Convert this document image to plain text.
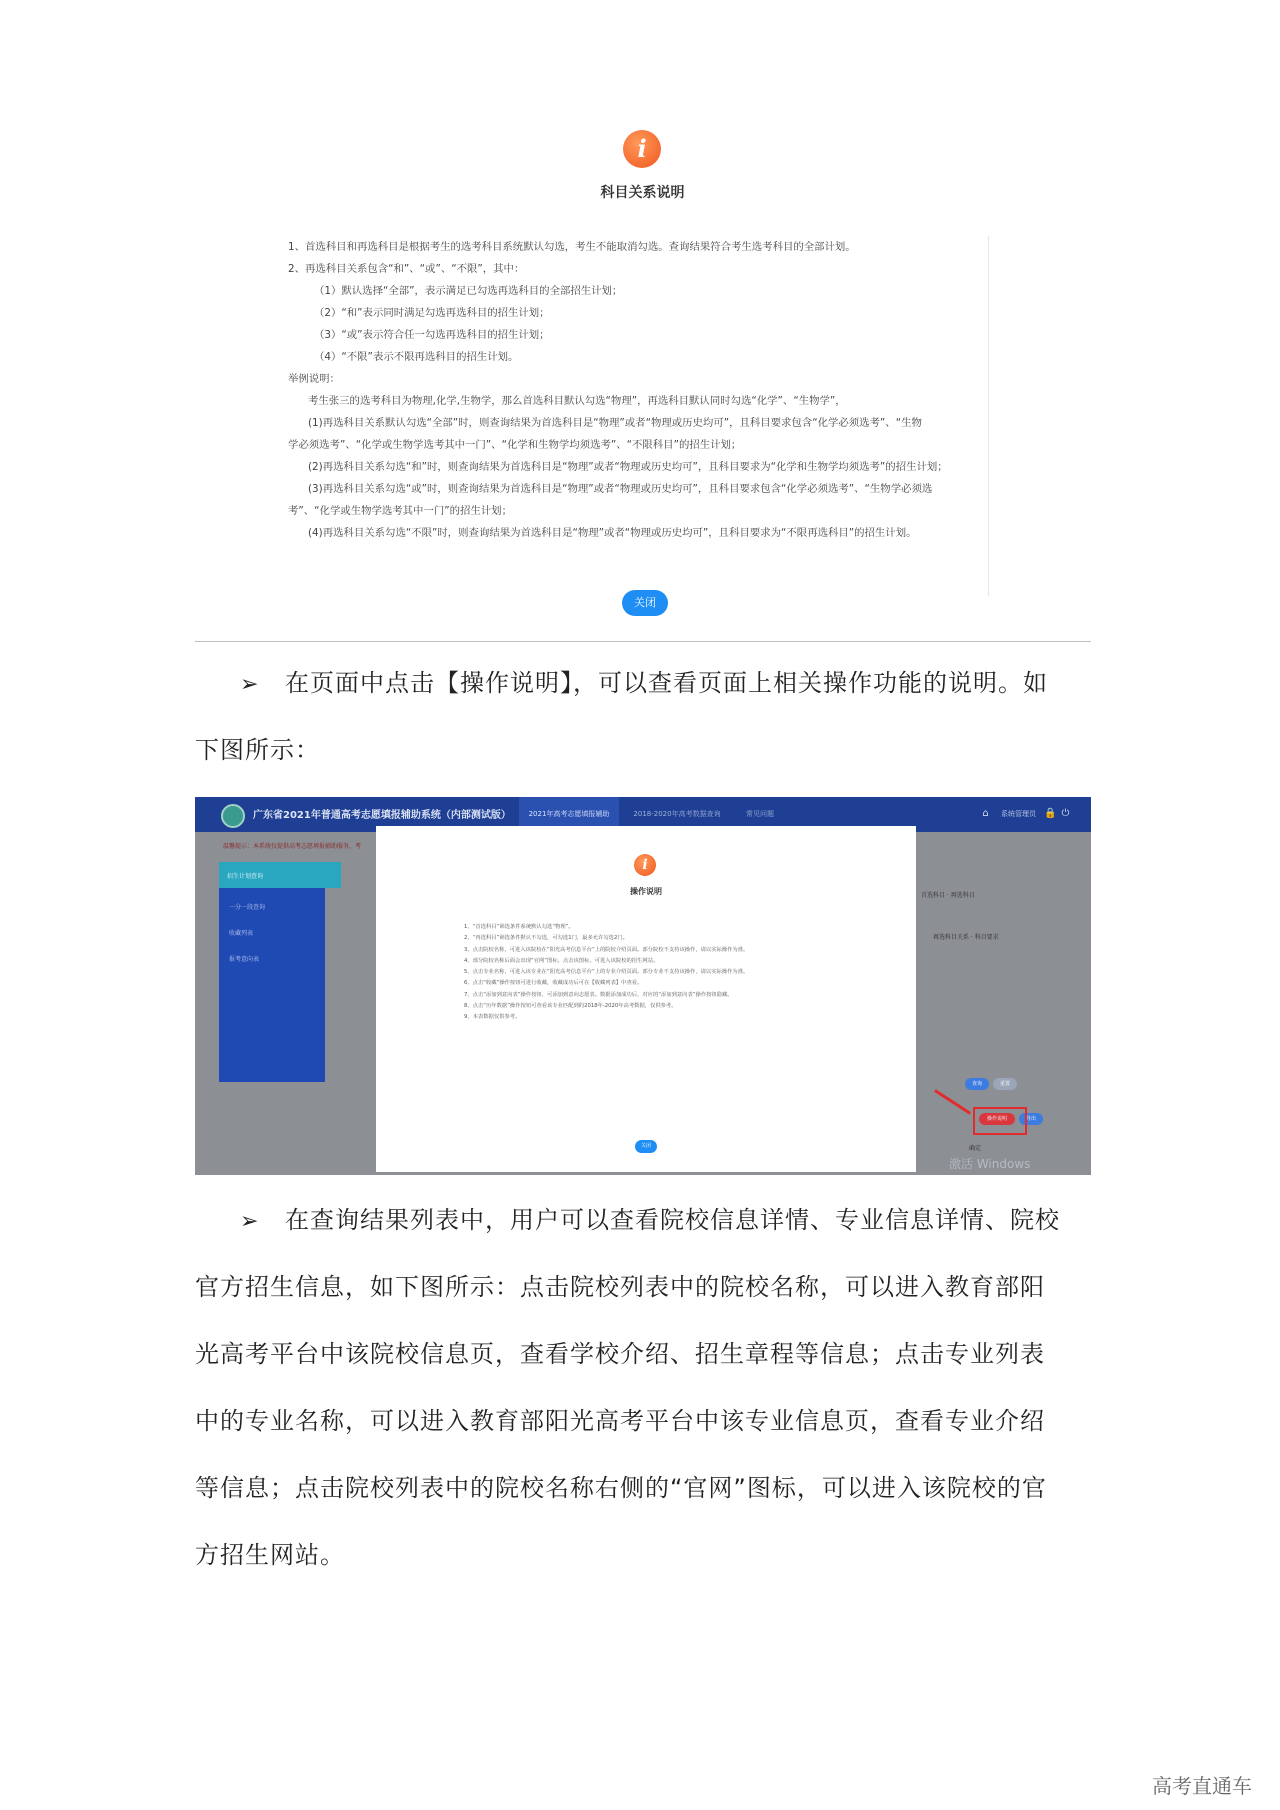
i
科目关系说明
1、首选科目和再选科目是根据考生的选考科目系统默认勾选，考生不能取消勾选。查询结果符合考生选考科目的全部计划。
2、再选科目关系包含“和”、“或”、“不限”，其中：
（1）默认选择“全部”，表示满足已勾选再选科目的全部招生计划；
（2）“和”表示同时满足勾选再选科目的招生计划；
（3）“或”表示符合任一勾选再选科目的招生计划；
（4）“不限”表示不限再选科目的招生计划。
举例说明：
考生张三的选考科目为物理,化学,生物学，那么首选科目默认勾选“物理”，再选科目默认同时勾选“化学”、“生物学”，
(1)再选科目关系默认勾选“全部”时，则查询结果为首选科目是“物理”或者“物理或历史均可”，且科目要求包含“化学必须选考”、“生物
学必须选考”、“化学或生物学选考其中一门”、“化学和生物学均须选考”、“不限科目”的招生计划；
(2)再选科目关系勾选“和”时，则查询结果为首选科目是“物理”或者“物理或历史均可”，且科目要求为“化学和生物学均须选考”的招生计划；
(3)再选科目关系勾选“或”时，则查询结果为首选科目是“物理”或者“物理或历史均可”，且科目要求包含“化学必须选考”、“生物学必须选
考”、“化学或生物学选考其中一门”的招生计划；
(4)再选科目关系勾选“不限”时，则查询结果为首选科目是“物理”或者“物理或历史均可”，且科目要求为“不限再选科目”的招生计划。
关闭
➢ 在页面中点击【操作说明】，可以查看页面上相关操作功能的说明。如
下图所示：
广东省2021年普通高考志愿填报辅助系统（内部测试版）	2021年高考志愿填报辅助	2018-2020年高考数据查询	常见问题	⌂	系统管理员 🔒 ⏻
温馨提示：本系统仅提供高考志愿填报辅助服务，考
招生计划查询
一分一段查询
收藏列表
报考意向表
首选科目 · 再选科目
再选科目关系 · 科目要求
查询	重置
操作说明	导出
确定
激活 Windows
i
操作说明
1、“首选科目”筛选条件系统默认勾选“物理”。
2、“再选科目”筛选条件默认不勾选，可勾选1门，最多允许勾选2门。
3、点击院校名称，可进入该院校在“阳光高考信息平台”上的院校介绍页面。部分院校不支持该操作，请以实际操作为准。
4、部分院校名称后面会出现“官网”图标，点击该图标，可进入该院校的招生网站。
5、点击专业名称，可进入该专业在“阳光高考信息平台”上的专业介绍页面。部分专业不支持该操作，请以实际操作为准。
6、点击“收藏”操作按钮可进行收藏，收藏成功后可在【收藏列表】中查看。
7、点击“添加到意向表”操作按钮，可添加到意向志愿表。数据添加成功后，对应的“添加到意向表”操作按钮隐藏。
8、点击“历年数据”操作按钮可查看该专业匹配到的2018年-2020年高考数据，仅供参考。
9、本表数据仅供参考。
关闭
➢ 在查询结果列表中，用户可以查看院校信息详情、专业信息详情、院校
官方招生信息，如下图所示：点击院校列表中的院校名称，可以进入教育部阳
光高考平台中该院校信息页，查看学校介绍、招生章程等信息；点击专业列表
中的专业名称，可以进入教育部阳光高考平台中该专业信息页，查看专业介绍
等信息；点击院校列表中的院校名称右侧的“官网”图标，可以进入该院校的官
方招生网站。
高考直通车
